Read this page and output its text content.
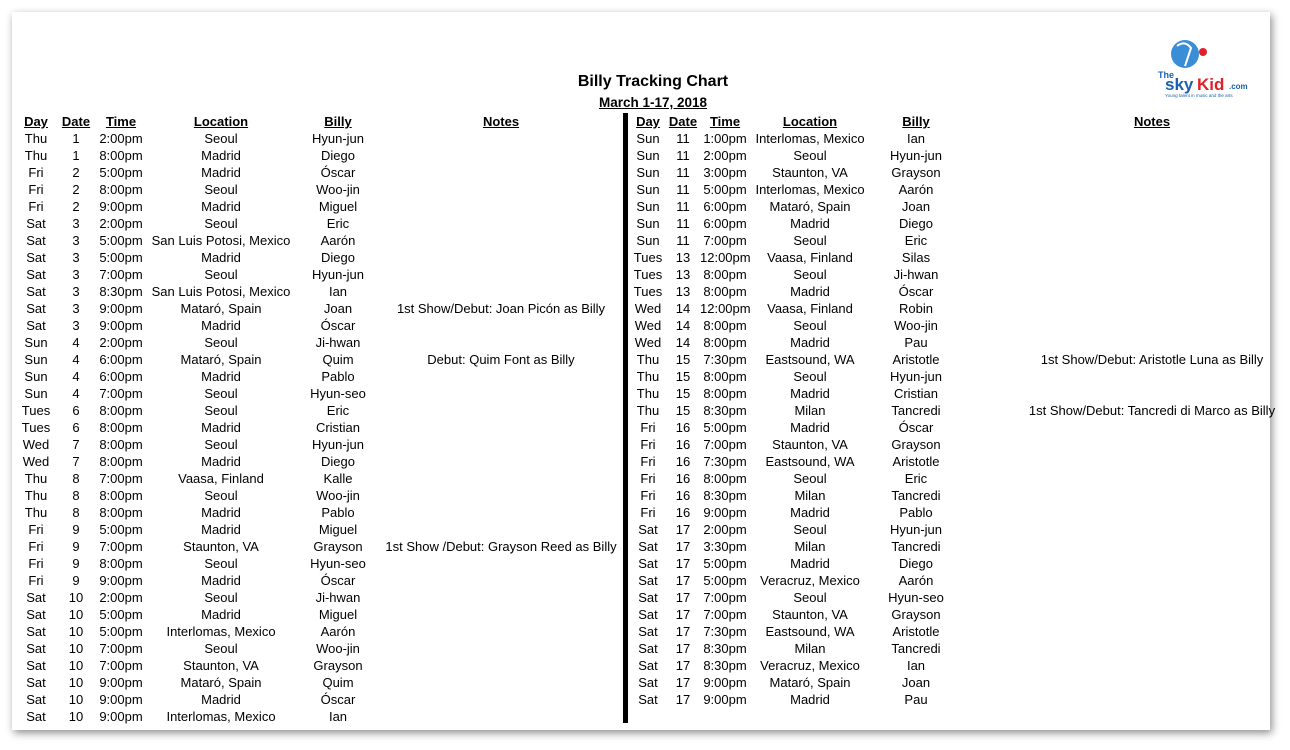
Billy Tracking Chart
March 1-17, 2018
The
sky Kid .com
Young talent in music and the arts
Day	Date	Time	Location	Billy	Notes
Thu	1	2:00pm	Seoul	Hyun-jun
Thu	1	8:00pm	Madrid	Diego
Fri	2	5:00pm	Madrid	Óscar
Fri	2	8:00pm	Seoul	Woo-jin
Fri	2	9:00pm	Madrid	Miguel
Sat	3	2:00pm	Seoul	Eric
Sat	3	5:00pm San Luis Potosi, Mexico	Aarón
Sat	3	5:00pm	Madrid	Diego
Sat	3	7:00pm	Seoul	Hyun-jun
Sat	3	8:30pm San Luis Potosi, Mexico	Ian
Sat	3	9:00pm	Mataró, Spain	Joan	1st Show/Debut: Joan Picón as Billy
Sat	3	9:00pm	Madrid	Óscar
Sun	4	2:00pm	Seoul	Ji-hwan
Sun	4	6:00pm	Mataró, Spain	Quim	Debut: Quim Font as Billy
Sun	4	6:00pm	Madrid	Pablo
Sun	4	7:00pm	Seoul	Hyun-seo
Tues	6	8:00pm	Seoul	Eric
Tues	6	8:00pm	Madrid	Cristian
Wed	7	8:00pm	Seoul	Hyun-jun
Wed	7	8:00pm	Madrid	Diego
Thu	8	7:00pm	Vaasa, Finland	Kalle
Thu	8	8:00pm	Seoul	Woo-jin
Thu	8	8:00pm	Madrid	Pablo
Fri	9	5:00pm	Madrid	Miguel
Fri	9	7:00pm	Staunton, VA	Grayson	1st Show /Debut: Grayson Reed as Billy
Fri	9	8:00pm	Seoul	Hyun-seo
Fri	9	9:00pm	Madrid	Óscar
Sat	10	2:00pm	Seoul	Ji-hwan
Sat	10	5:00pm	Madrid	Miguel
Sat	10	5:00pm	Interlomas, Mexico	Aarón
Sat	10	7:00pm	Seoul	Woo-jin
Sat	10	7:00pm	Staunton, VA	Grayson
Sat	10	9:00pm	Mataró, Spain	Quim
Sat	10	9:00pm	Madrid	Óscar
Sat	10	9:00pm	Interlomas, Mexico	Ian
Day Date Time	Location	Billy	Notes
Sun	11	1:00pm Interlomas, Mexico	Ian
Sun	11	2:00pm	Seoul	Hyun-jun
Sun	11	3:00pm	Staunton, VA	Grayson
Sun	11	5:00pm Interlomas, Mexico	Aarón
Sun	11	6:00pm	Mataró, Spain	Joan
Sun	11	6:00pm	Madrid	Diego
Sun	11	7:00pm	Seoul	Eric
Tues	13 12:00pm	Vaasa, Finland	Silas
Tues	13	8:00pm	Seoul	Ji-hwan
Tues	13	8:00pm	Madrid	Óscar
Wed	14 12:00pm	Vaasa, Finland	Robin
Wed	14	8:00pm	Seoul	Woo-jin
Wed	14	8:00pm	Madrid	Pau
Thu	15	7:30pm	Eastsound, WA	Aristotle	1st Show/Debut: Aristotle Luna as Billy
Thu	15	8:00pm	Seoul	Hyun-jun
Thu	15	8:00pm	Madrid	Cristian
Thu	15	8:30pm	Milan	Tancredi	1st Show/Debut: Tancredi di Marco as Billy
Fri	16	5:00pm	Madrid	Óscar
Fri	16	7:00pm	Staunton, VA	Grayson
Fri	16	7:30pm	Eastsound, WA	Aristotle
Fri	16	8:00pm	Seoul	Eric
Fri	16	8:30pm	Milan	Tancredi
Fri	16	9:00pm	Madrid	Pablo
Sat	17	2:00pm	Seoul	Hyun-jun
Sat	17	3:30pm	Milan	Tancredi
Sat	17	5:00pm	Madrid	Diego
Sat	17	5:00pm	Veracruz, Mexico	Aarón
Sat	17	7:00pm	Seoul	Hyun-seo
Sat	17	7:00pm	Staunton, VA	Grayson
Sat	17	7:30pm	Eastsound, WA	Aristotle
Sat	17	8:30pm	Milan	Tancredi
Sat	17	8:30pm	Veracruz, Mexico	Ian
Sat	17	9:00pm	Mataró, Spain	Joan
Sat	17	9:00pm	Madrid	Pau
